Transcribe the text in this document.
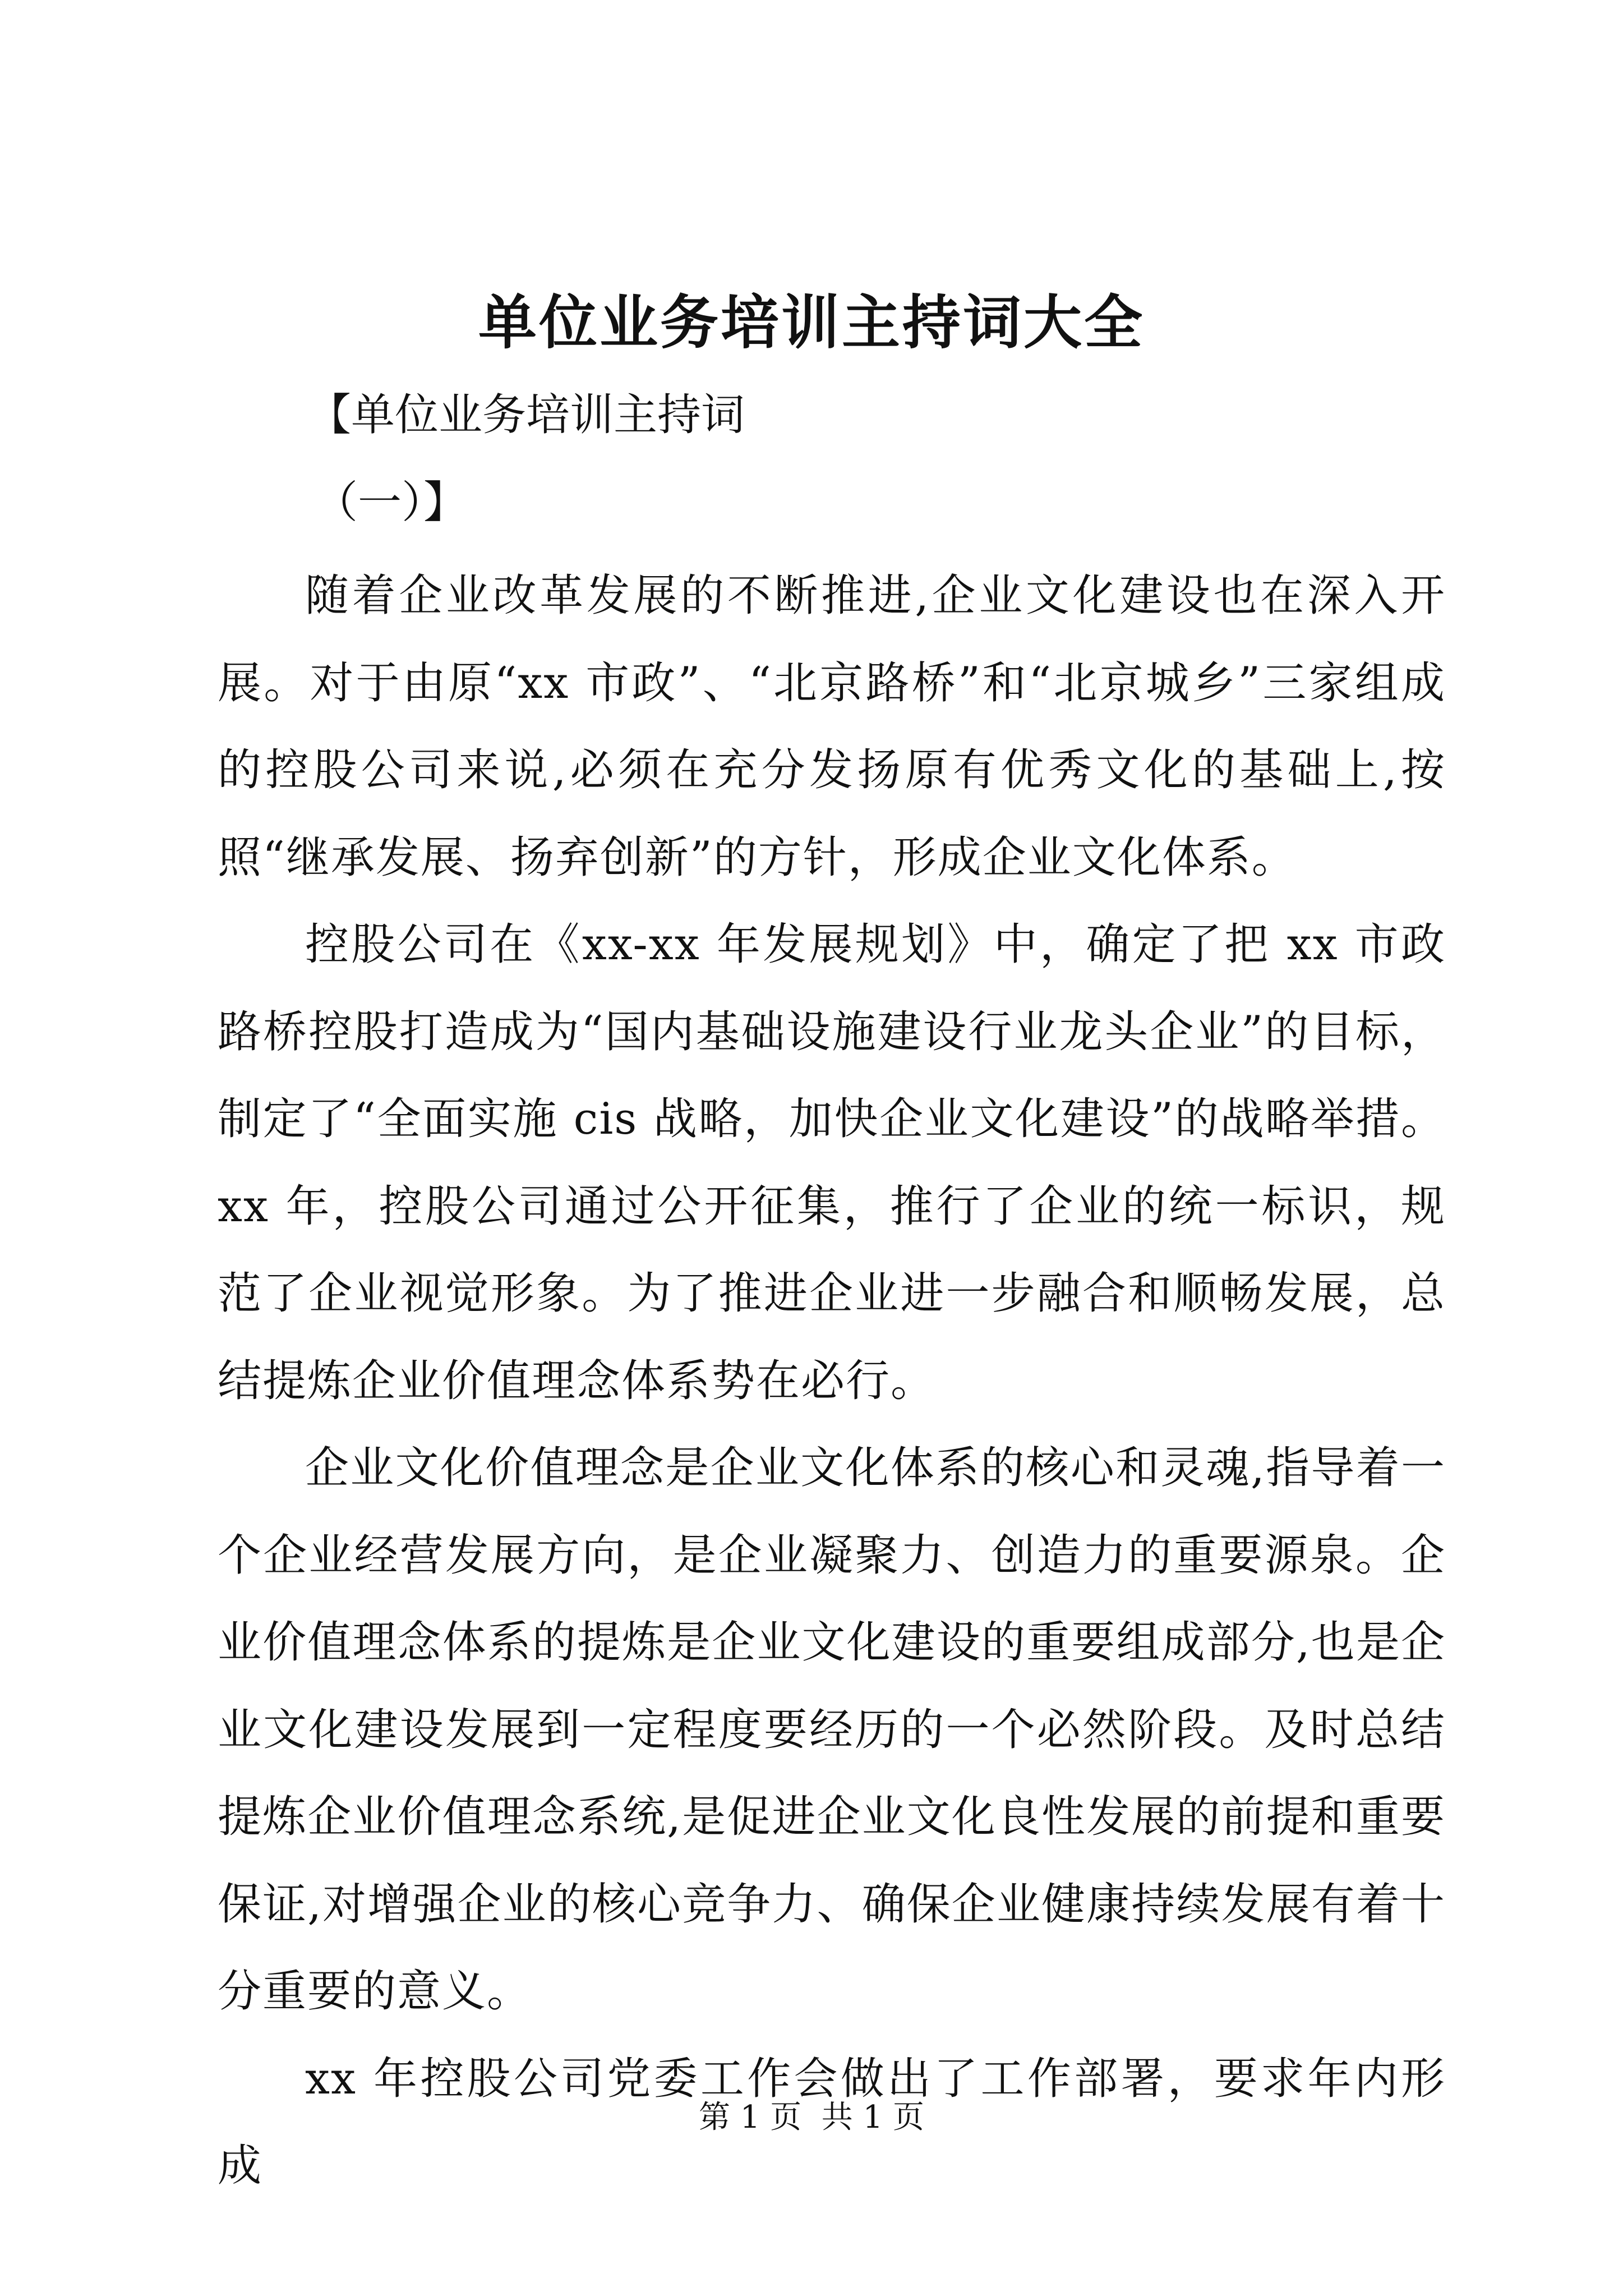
单位业务培训主持词大全
【单位业务培训主持词
（一）】

随着企业改革发展的不断推进,企业文化建设也在深入开展。对于由原“xx 市政”、“北京路桥”和“北京城乡”三家组成的控股公司来说,必须在充分发扬原有优秀文化的基础上,按照“继承发展、扬弃创新”的方针，形成企业文化体系。

控股公司在《xx-xx 年发展规划》中，确定了把 xx 市政路桥控股打造成为“国内基础设施建设行业龙头企业”的目标，制定了“全面实施 cis 战略，加快企业文化建设”的战略举措。xx 年，控股公司通过公开征集，推行了企业的统一标识，规范了企业视觉形象。为了推进企业进一步融合和顺畅发展，总结提炼企业价值理念体系势在必行。

企业文化价值理念是企业文化体系的核心和灵魂,指导着一个企业经营发展方向，是企业凝聚力、创造力的重要源泉。企业价值理念体系的提炼是企业文化建设的重要组成部分,也是企业文化建设发展到一定程度要经历的一个必然阶段。及时总结提炼企业价值理念系统,是促进企业文化良性发展的前提和重要保证,对增强企业的核心竞争力、确保企业健康持续发展有着十分重要的意义。

xx 年控股公司党委工作会做出了工作部署，要求年内形成

第 1 页  共 1 页
